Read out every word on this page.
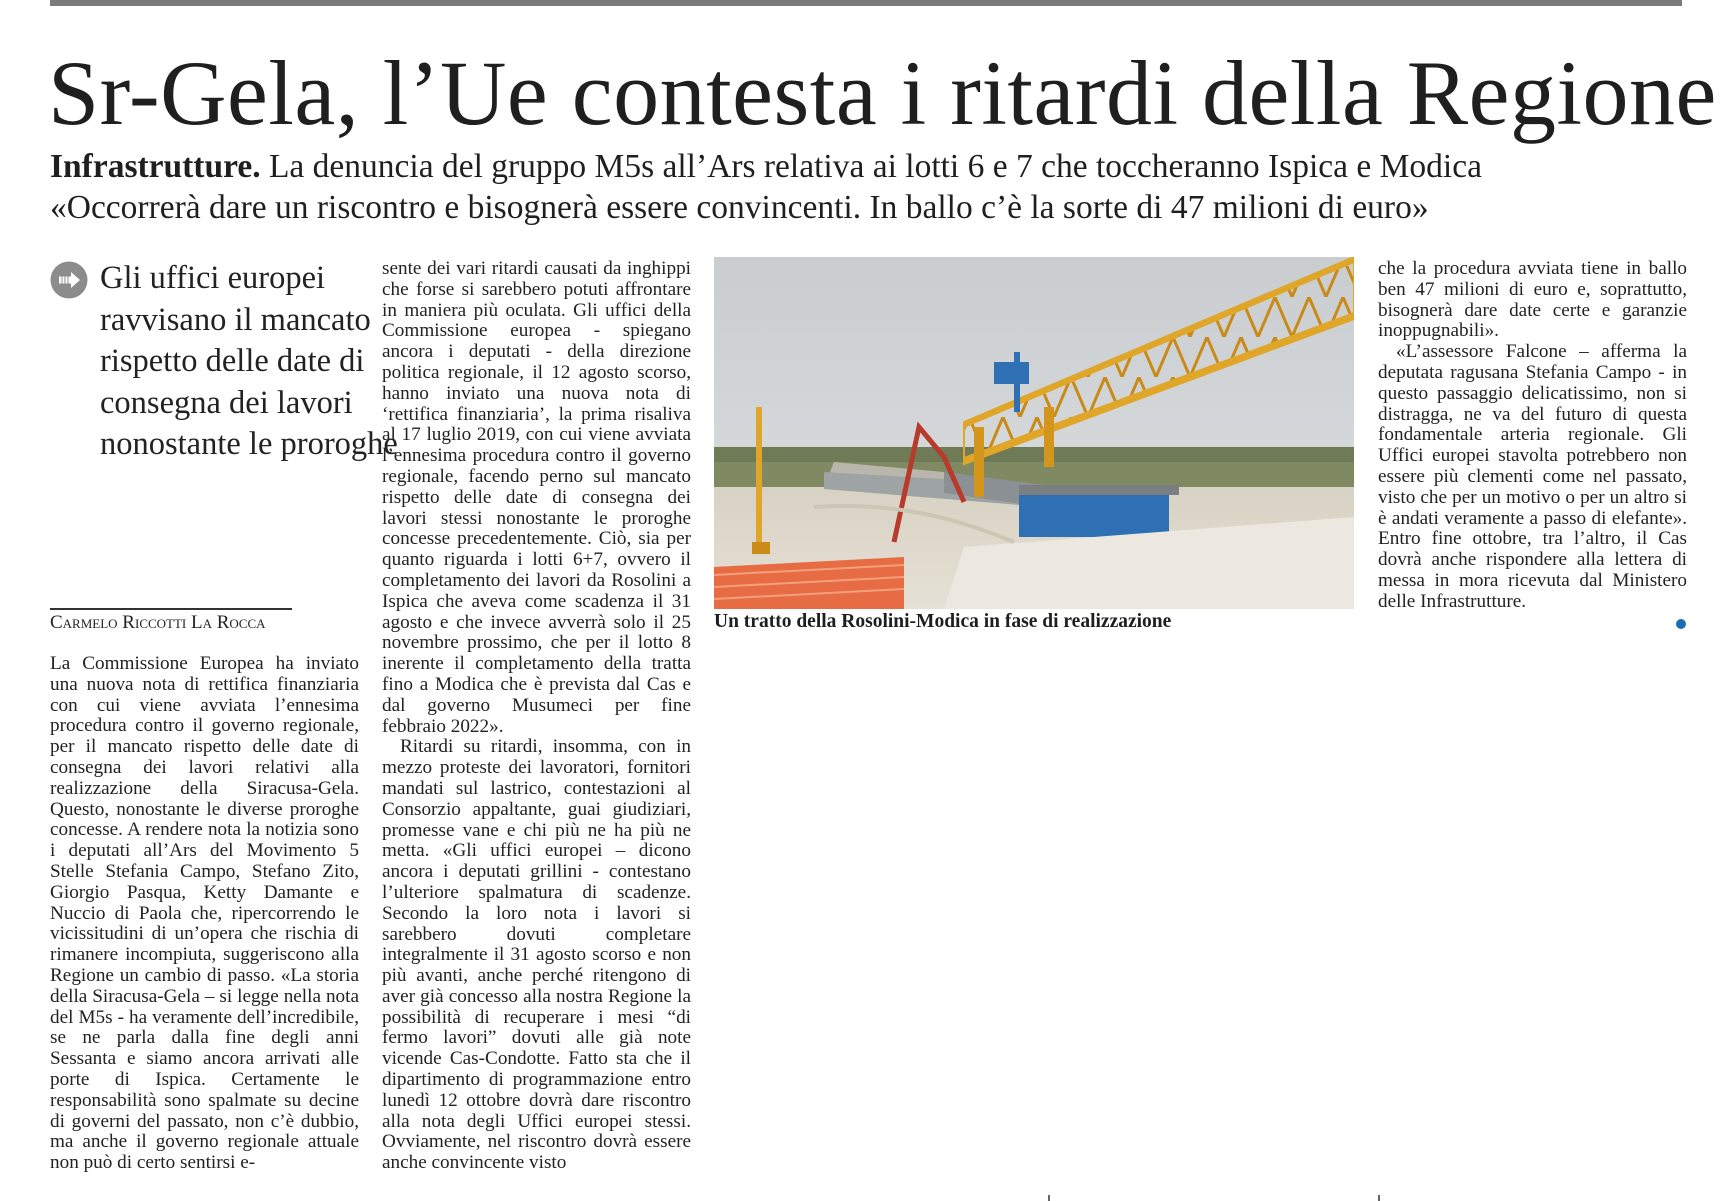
Sr-Gela, l’Ue contesta i ritardi della Regione

Infrastrutture. La denuncia del gruppo M5s all’Ars relativa ai lotti 6 e 7 che toccheranno Ispica e Modica

«Occorrerà dare un riscontro e bisognerà essere convincenti. In ballo c’è la sorte di 47 milioni di euro»

Gli uffici europei ravvisano il mancato rispetto delle date di consegna dei lavori nonostante le proroghe

Carmelo Riccotti La Rocca

La Commissione Europea ha inviato una nuova nota di rettifica finanziaria con cui viene avviata l’ennesima procedura contro il governo regionale, per il mancato rispetto delle date di consegna dei lavori relativi alla realizzazione della Siracusa-Gela. Questo, nonostante le diverse proroghe concesse. A rendere nota la notizia sono i deputati all’Ars del Movimento 5 Stelle Stefania Campo, Stefano Zito, Giorgio Pasqua, Ketty Damante e Nuccio di Paola che, ripercorrendo le vicissitudini di un’opera che rischia di rimanere incompiuta, suggeriscono alla Regione un cambio di passo. «La storia della Siracusa-Gela – si legge nella nota del M5s - ha veramente dell’incredibile, se ne parla dalla fine degli anni Sessanta e siamo ancora arrivati alle porte di Ispica. Certamente le responsabilità sono spalmate su decine di governi del passato, non c’è dubbio, ma anche il governo regionale attuale non può di certo sentirsi e-

sente dei vari ritardi causati da inghippi che forse si sarebbero potuti affrontare in maniera più oculata. Gli uffici della Commissione europea - spiegano ancora i deputati - della direzione politica regionale, il 12 agosto scorso, hanno inviato una nuova nota di ‘rettifica finanziaria’, la prima risaliva al 17 luglio 2019, con cui viene avviata l’ennesima procedura contro il governo regionale, facendo perno sul mancato rispetto delle date di consegna dei lavori stessi nonostante le proroghe concesse precedentemente. Ciò, sia per quanto riguarda i lotti 6+7, ovvero il completamento dei lavori da Rosolini a Ispica che aveva come scadenza il 31 agosto e che invece avverrà solo il 25 novembre prossimo, che per il lotto 8 inerente il completamento della tratta fino a Modica che è prevista dal Cas e dal governo Musumeci per fine febbraio 2022».

Ritardi su ritardi, insomma, con in mezzo proteste dei lavoratori, fornitori mandati sul lastrico, contestazioni al Consorzio appaltante, guai giudiziari, promesse vane e chi più ne ha più ne metta. «Gli uffici europei – dicono ancora i deputati grillini - contestano l’ulteriore spalmatura di scadenze. Secondo la loro nota i lavori si sarebbero dovuti completare integralmente il 31 agosto scorso e non più avanti, anche perché ritengono di aver già concesso alla nostra Regione la possibilità di recuperare i mesi “di fermo lavori” dovuti alle già note vicende Cas-Condotte. Fatto sta che il dipartimento di programmazione entro lunedì 12 ottobre dovrà dare riscontro alla nota degli Uffici europei stessi. Ovviamente, nel riscontro dovrà essere anche convincente visto

Un tratto della Rosolini-Modica in fase di realizzazione

che la procedura avviata tiene in ballo ben 47 milioni di euro e, soprattutto, bisognerà dare date certe e garanzie inoppugnabili».

«L’assessore Falcone – afferma la deputata ragusana Stefania Campo - in questo passaggio delicatissimo, non si distragga, ne va del futuro di questa fondamentale arteria regionale. Gli Uffici europei stavolta potrebbero non essere più clementi come nel passato, visto che per un motivo o per un altro si è andati veramente a passo di elefante». Entro fine ottobre, tra l’altro, il Cas dovrà anche rispondere alla lettera di messa in mora ricevuta dal Ministero delle Infrastrutture.
